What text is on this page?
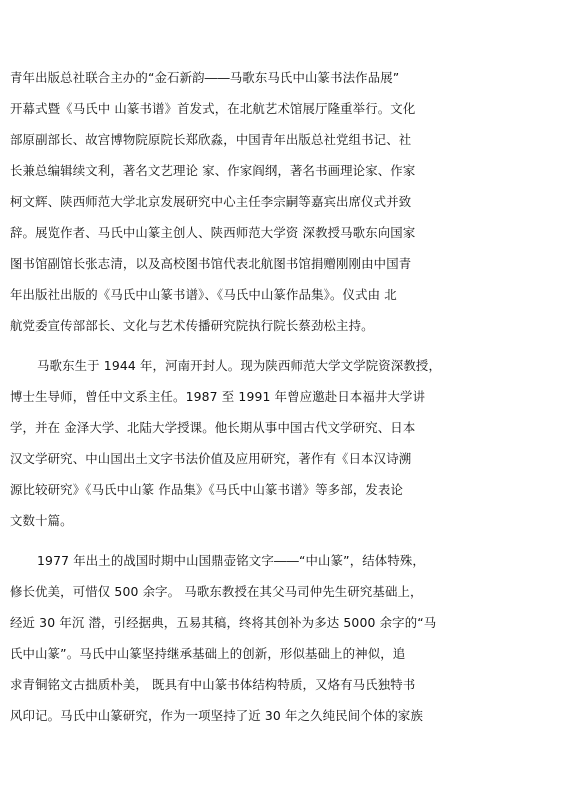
青年出版总社联合主办的“金石新韵――马歌东马氏中山篆书法作品展”
开幕式暨《马氏中 山篆书谱》首发式，在北航艺术馆展厅隆重举行。文化
部原副部长、故宫博物院原院长郑欣淼，中国青年出版总社党组书记、社
长兼总编辑续文利，著名文艺理论 家、作家阎纲，著名书画理论家、作家
柯文辉、陕西师范大学北京发展研究中心主任李宗嗣等嘉宾出席仪式并致
辞。展览作者、马氏中山篆主创人、陕西师范大学资 深教授马歌东向国家
图书馆副馆长张志清，以及高校图书馆代表北航图书馆捐赠刚刚由中国青
年出版社出版的《马氏中山篆书谱》、《马氏中山篆作品集》。仪式由 北
航党委宣传部部长、文化与艺术传播研究院执行院长蔡劲松主持。
马歌东生于 1944 年，河南开封人。现为陕西师范大学文学院资深教授，
博士生导师，曾任中文系主任。1987 至 1991 年曾应邀赴日本福井大学讲
学，并在 金泽大学、北陆大学授课。他长期从事中国古代文学研究、日本
汉文学研究、中山国出土文字书法价值及应用研究，著作有《日本汉诗溯
源比较研究》《马氏中山篆 作品集》《马氏中山篆书谱》等多部，发表论
文数十篇。
1977 年出土的战国时期中山国鼎壶铭文字――“中山篆”，结体特殊，
修长优美，可惜仅 500 余字。 马歌东教授在其父马司仲先生研究基础上，
经近 30 年沉 潜，引经据典，五易其稿，终将其创补为多达 5000 余字的“马
氏中山篆”。马氏中山篆坚持继承基础上的创新，形似基础上的神似，追
求青铜铭文古拙质朴美， 既具有中山篆书体结构特质，又烙有马氏独特书
风印记。马氏中山篆研究，作为一项坚持了近 30 年之久纯民间个体的家族
